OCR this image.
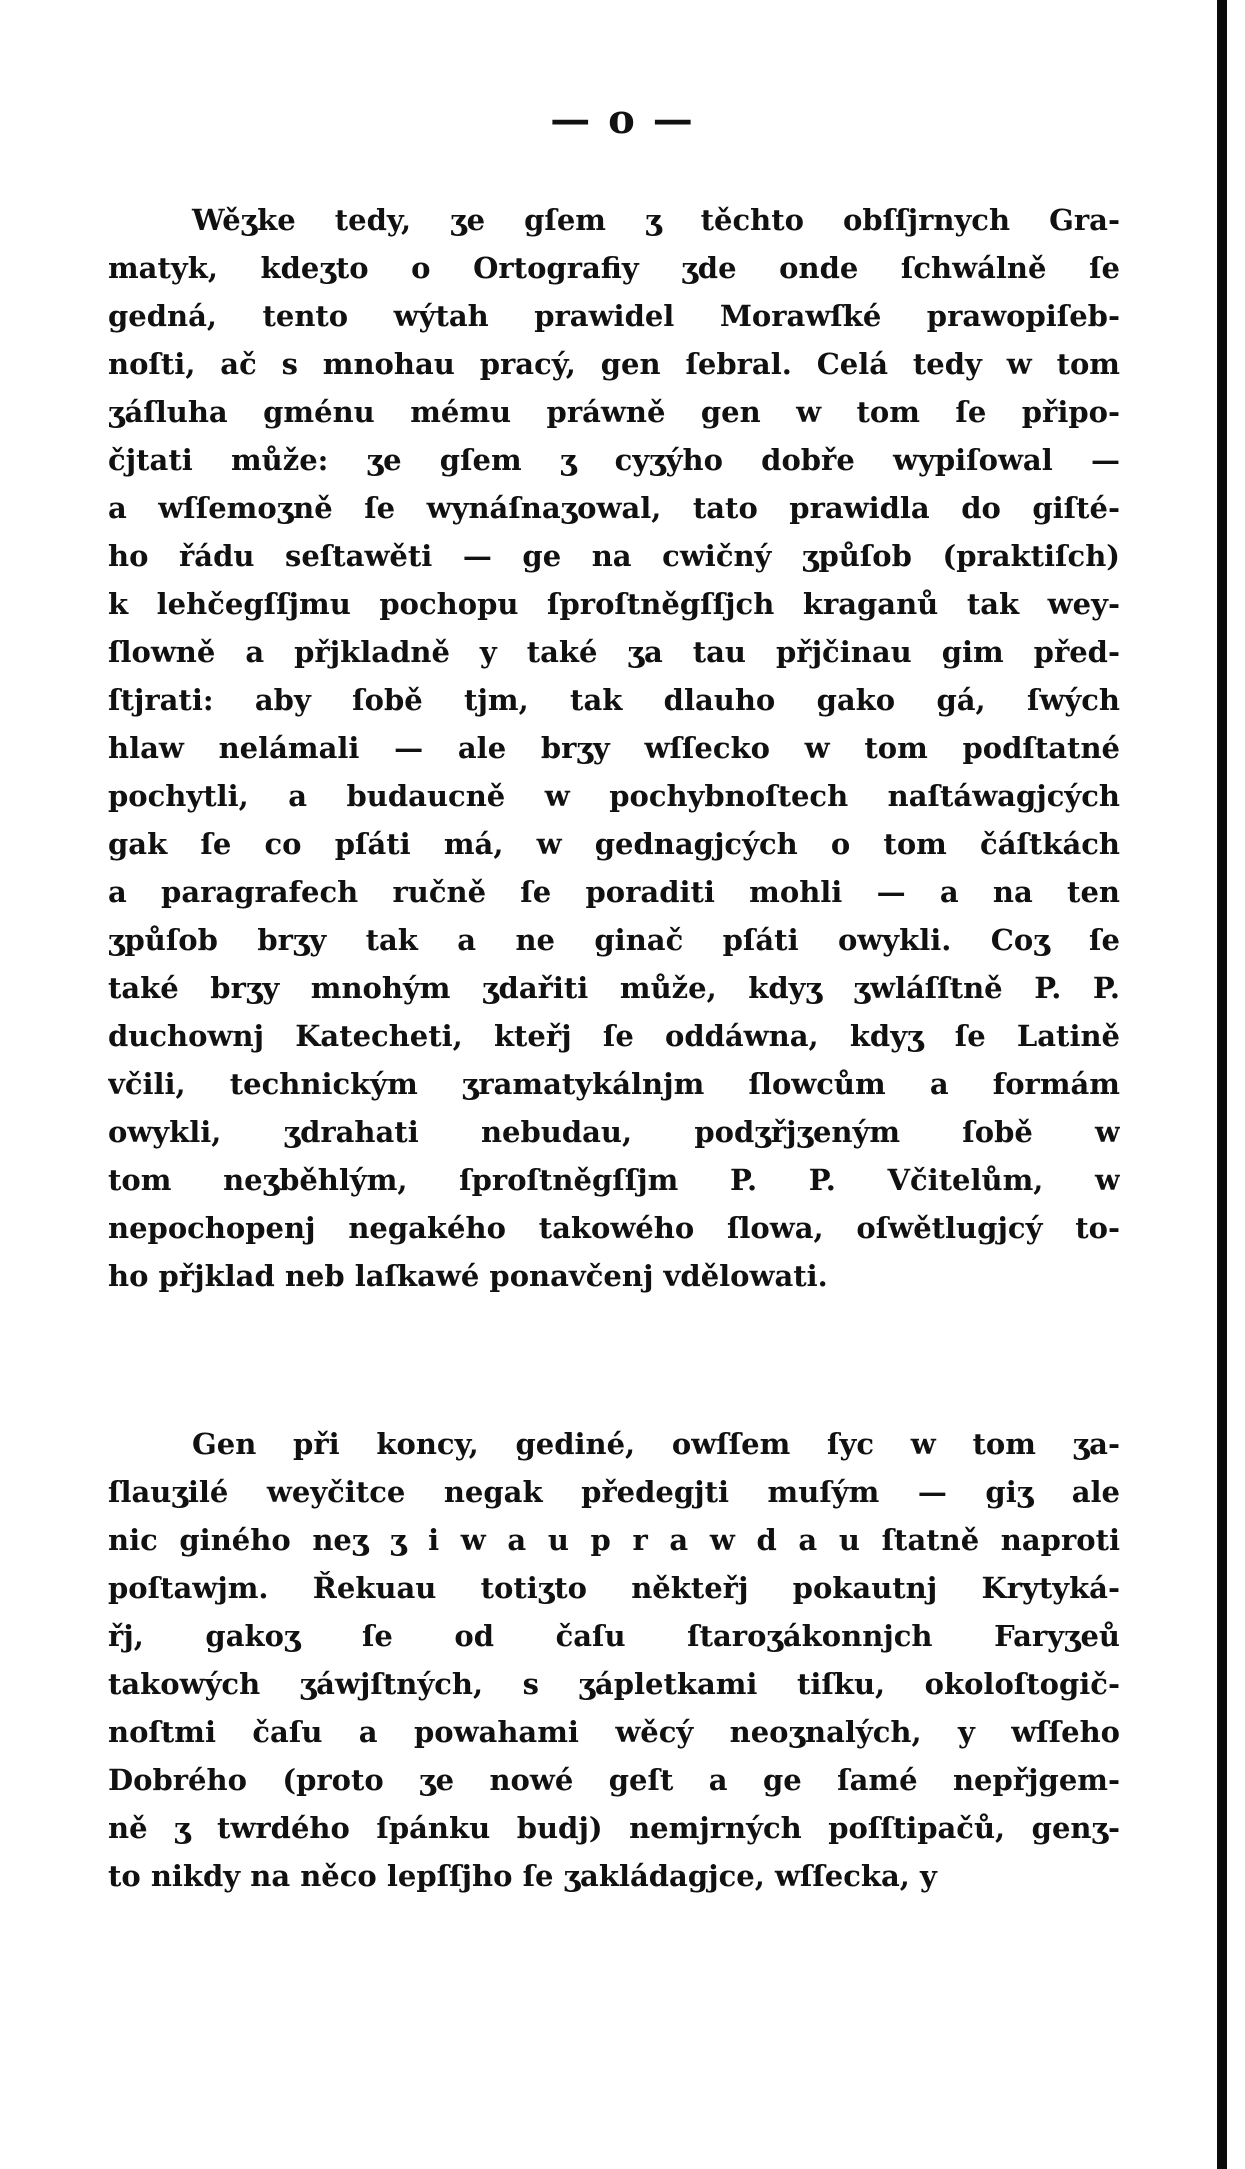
— o —
Wěʒke tedy, ʒe gſem ʒ těchto obſſjrnych Gra-
matyk, kdeʒto o Ortografiy ʒde onde ſchwálně ſe
gedná, tento wýtah prawidel Morawſké prawopiſeb-
noſti, ač s mnohau pracý, gen ſebral. Celá tedy w tom
ʒáſluha gménu mému práwně gen w tom ſe připo-
čjtati může: ʒe gſem ʒ cyʒýho dobře wypiſowal —
a wſſemoʒně ſe wynáſnaʒowal, tato prawidla do giſté-
ho řádu seſtawěti — ge na cwičný ʒpůſob (praktiſch)
k lehčegſſjmu pochopu ſproſtněgſſjch kraganů tak wey-
ſlowně a přjkladně y také ʒa tau přjčinau gim před-
ſtjrati: aby ſobě tjm, tak dlauho gako gá, ſwých
hlaw nelámali — ale brʒy wſſecko w tom podſtatné
pochytli, a budaucně w pochybnoſtech naſtáwagjcých
gak ſe co pſáti má, w gednagjcých o tom čáſtkách
a paragrafech ručně ſe poraditi mohli — a na ten
ʒpůſob brʒy tak a ne ginač pſáti owykli. Coʒ ſe
také brʒy mnohým ʒdařiti může, kdyʒ ʒwláſſtně P. P.
duchownj Katecheti, kteřj ſe oddáwna, kdyʒ ſe Latině
včili, technickým ʒramatykálnjm ſlowcům a formám
owykli, ʒdrahati nebudau, podʒřjʒeným ſobě w
tom neʒběhlým, ſproſtněgſſjm P. P. Včitelům, w
nepochopenj negakého takowého ſlowa, oſwětlugjcý to-
ho přjklad neb laſkawé ponavčenj vdělowati.
Gen při koncy, gediné, owſſem ſyc w tom ʒa-
ſlauʒilé weyčitce negak předegjti muſým — giʒ ale
nic giného neʒ ʒ i w a u p r a w d a u ſtatně naproti
poſtawjm. Řekuau totiʒto někteřj pokautnj Krytyká-
řj, gakoʒ ſe od čaſu ſtaroʒákonnjch Faryʒeů
takowých ʒáwjſtných, s ʒápletkami tiſku, okoloſtogič-
noſtmi čaſu a powahami wěcý neoʒnalých, y wſſeho
Dobrého (proto ʒe nowé geſt a ge ſamé nepřjgem-
ně ʒ twrdého ſpánku budj) nemjrných poſſtipačů, genʒ-
to nikdy na něco lepſſjho ſe ʒakládagjce, wſſecka, y
